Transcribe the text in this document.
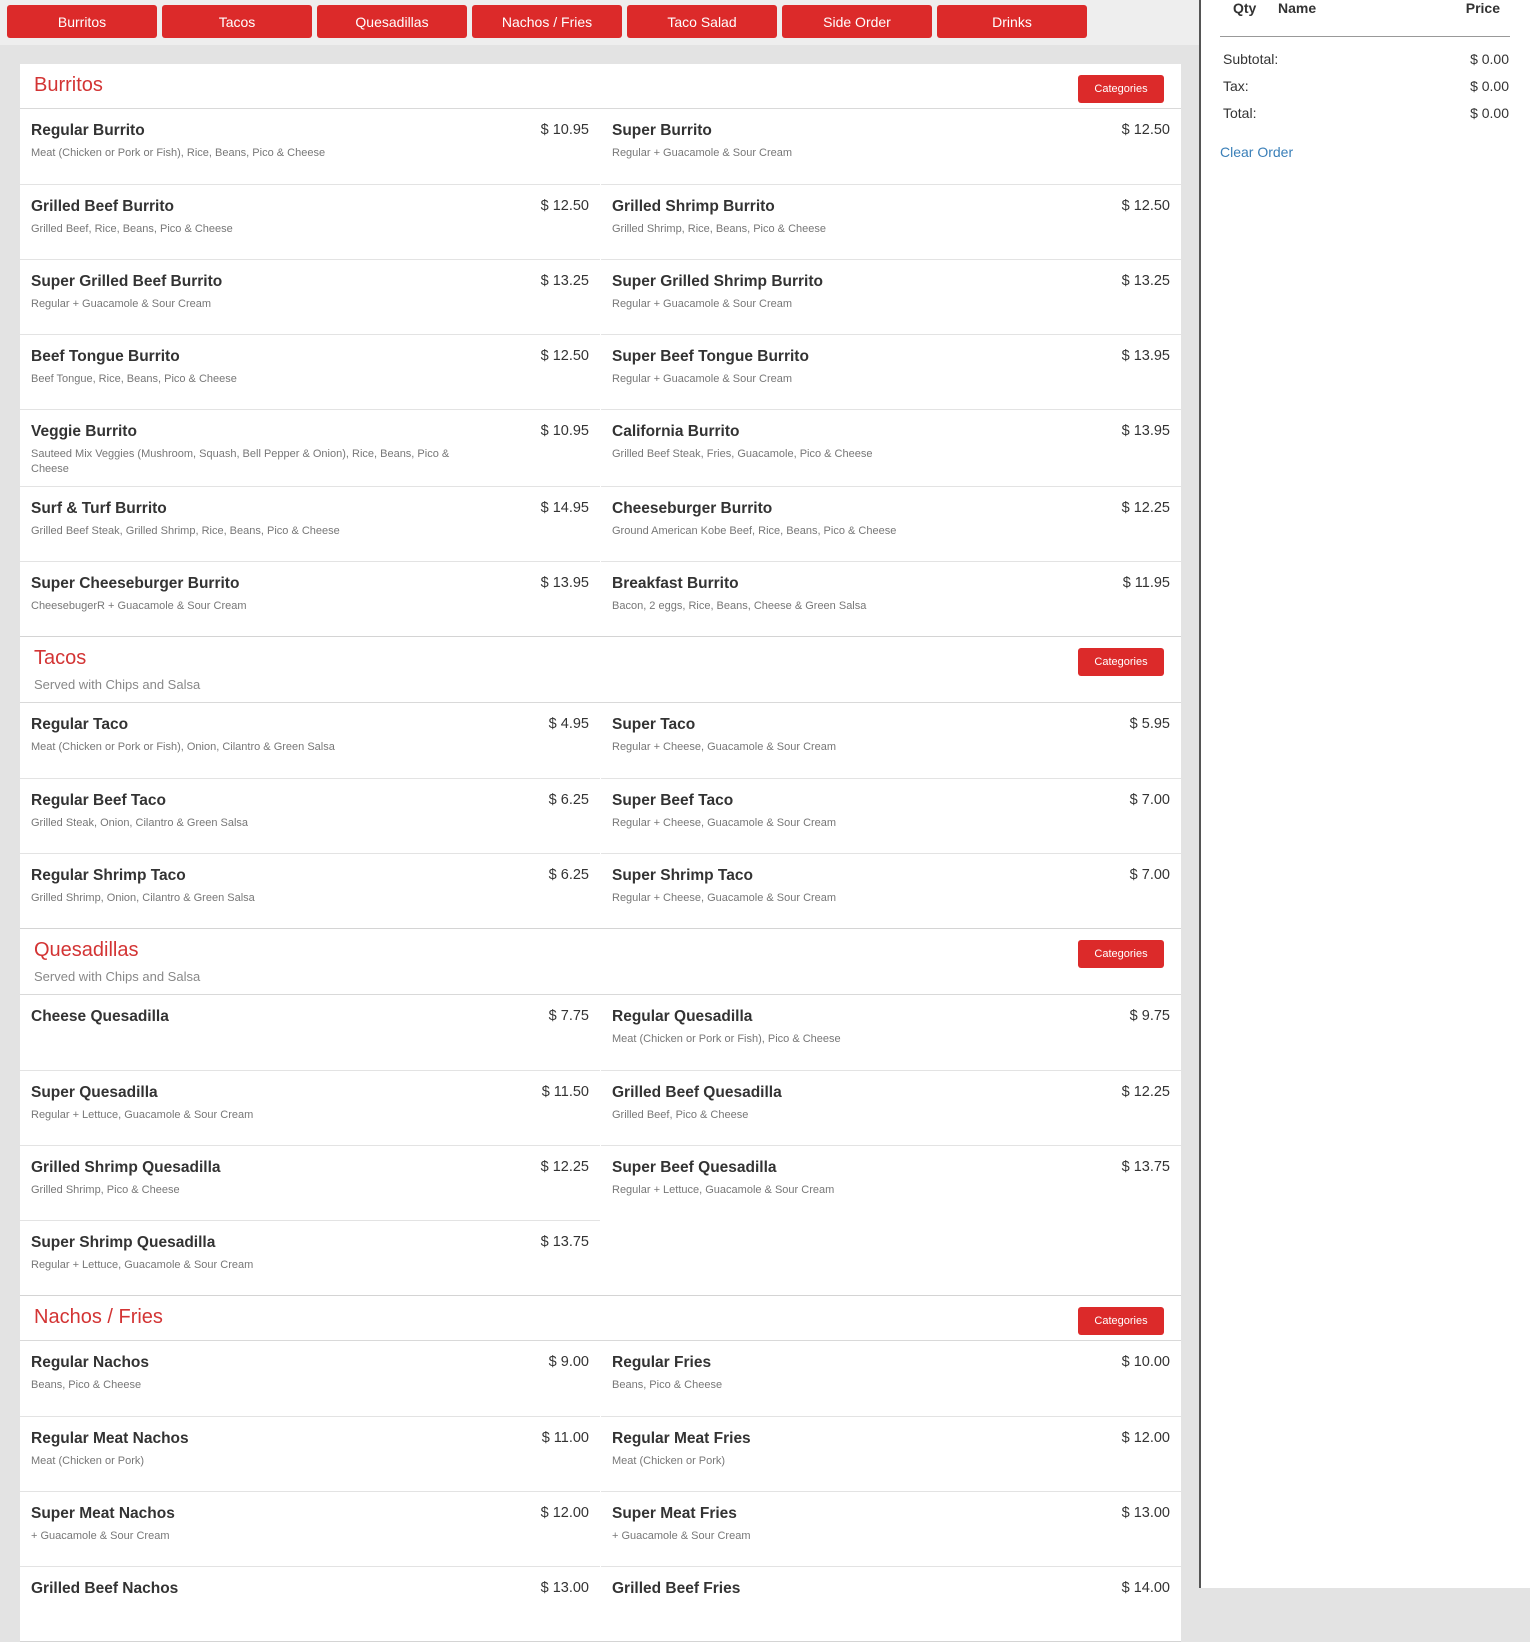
Burritos	Tacos	Quesadillas	Nachos / Fries	Taco Salad	Side Order	Drinks
Burritos	Categories
Regular Burrito	$ 10.95
Meat (Chicken or Pork or Fish), Rice, Beans, Pico & Cheese
Super Burrito	$ 12.50
Regular + Guacamole & Sour Cream
Grilled Beef Burrito	$ 12.50
Grilled Beef, Rice, Beans, Pico & Cheese
Grilled Shrimp Burrito	$ 12.50
Grilled Shrimp, Rice, Beans, Pico & Cheese
Super Grilled Beef Burrito	$ 13.25
Regular + Guacamole & Sour Cream
Super Grilled Shrimp Burrito	$ 13.25
Regular + Guacamole & Sour Cream
Beef Tongue Burrito	$ 12.50
Beef Tongue, Rice, Beans, Pico & Cheese
Super Beef Tongue Burrito	$ 13.95
Regular + Guacamole & Sour Cream
Veggie Burrito	$ 10.95
Sauteed Mix Veggies (Mushroom, Squash, Bell Pepper & Onion), Rice, Beans, Pico & Cheese
California Burrito	$ 13.95
Grilled Beef Steak, Fries, Guacamole, Pico & Cheese
Surf & Turf Burrito	$ 14.95
Grilled Beef Steak, Grilled Shrimp, Rice, Beans, Pico & Cheese
Cheeseburger Burrito	$ 12.25
Ground American Kobe Beef, Rice, Beans, Pico & Cheese
Super Cheeseburger Burrito	$ 13.95
CheesebugerR + Guacamole & Sour Cream
Breakfast Burrito	$ 11.95
Bacon, 2 eggs, Rice, Beans, Cheese & Green Salsa
Tacos
Served with Chips and Salsa
Categories
Regular Taco	$ 4.95
Meat (Chicken or Pork or Fish), Onion, Cilantro & Green Salsa
Super Taco	$ 5.95
Regular + Cheese, Guacamole & Sour Cream
Regular Beef Taco	$ 6.25
Grilled Steak, Onion, Cilantro & Green Salsa
Super Beef Taco	$ 7.00
Regular + Cheese, Guacamole & Sour Cream
Regular Shrimp Taco	$ 6.25
Grilled Shrimp, Onion, Cilantro & Green Salsa
Super Shrimp Taco	$ 7.00
Regular + Cheese, Guacamole & Sour Cream
Quesadillas
Served with Chips and Salsa
Categories
Cheese Quesadilla	$ 7.75 Regular Quesadilla	$ 9.75
Meat (Chicken or Pork or Fish), Pico & Cheese
Super Quesadilla	$ 11.50
Regular + Lettuce, Guacamole & Sour Cream
Grilled Beef Quesadilla	$ 12.25
Grilled Beef, Pico & Cheese
Grilled Shrimp Quesadilla	$ 12.25
Grilled Shrimp, Pico & Cheese
Super Beef Quesadilla	$ 13.75
Regular + Lettuce, Guacamole & Sour Cream
Super Shrimp Quesadilla	$ 13.75
Regular + Lettuce, Guacamole & Sour Cream
Nachos / Fries	Categories
Regular Nachos	$ 9.00
Beans, Pico & Cheese
Regular Fries	$ 10.00
Beans, Pico & Cheese
Regular Meat Nachos	$ 11.00
Meat (Chicken or Pork)
Regular Meat Fries	$ 12.00
Meat (Chicken or Pork)
Super Meat Nachos	$ 12.00
+ Guacamole & Sour Cream
Super Meat Fries	$ 13.00
+ Guacamole & Sour Cream
Grilled Beef Nachos	$ 13.00 Grilled Beef Fries	$ 14.00
Qty Name	Price
Subtotal:	$ 0.00
Tax:	$ 0.00
Total:	$ 0.00
Clear Order
